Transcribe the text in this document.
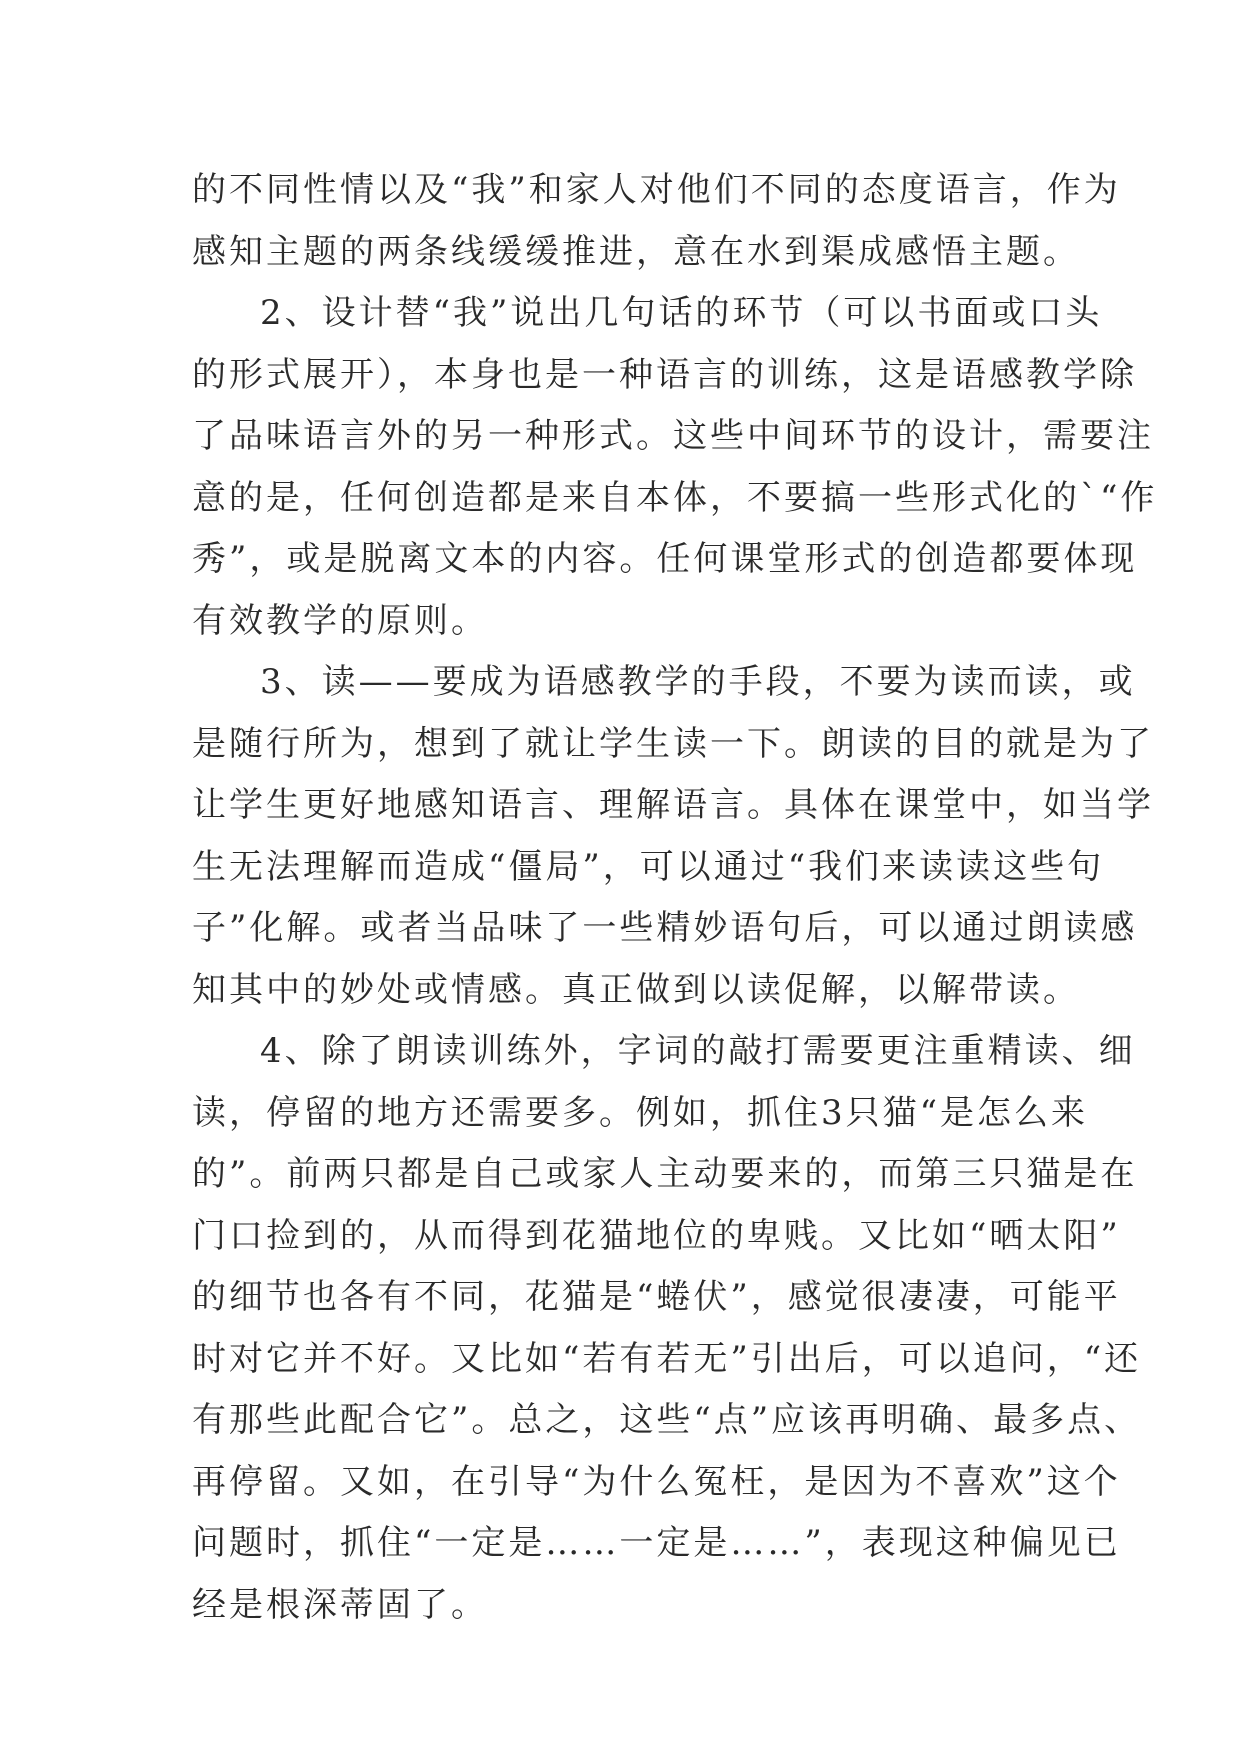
的不同性情以及“我”和家人对他们不同的态度语言，作为
感知主题的两条线缓缓推进，意在水到渠成感悟主题。
2、设计替“我”说出几句话的环节（可以书面或口头
的形式展开），本身也是一种语言的训练，这是语感教学除
了品味语言外的另一种形式。这些中间环节的设计，需要注
意的是，任何创造都是来自本体，不要搞一些形式化的`“作
秀”，或是脱离文本的内容。任何课堂形式的创造都要体现
有效教学的原则。
3、读——要成为语感教学的手段，不要为读而读，或
是随行所为，想到了就让学生读一下。朗读的目的就是为了
让学生更好地感知语言、理解语言。具体在课堂中，如当学
生无法理解而造成“僵局”，可以通过“我们来读读这些句
子”化解。或者当品味了一些精妙语句后，可以通过朗读感
知其中的妙处或情感。真正做到以读促解，以解带读。
4、除了朗读训练外，字词的敲打需要更注重精读、细
读，停留的地方还需要多。例如，抓住3只猫“是怎么来
的”。前两只都是自己或家人主动要来的，而第三只猫是在
门口捡到的，从而得到花猫地位的卑贱。又比如“晒太阳”
的细节也各有不同，花猫是“蜷伏”，感觉很凄凄，可能平
时对它并不好。又比如“若有若无”引出后，可以追问，“还
有那些此配合它”。总之，这些“点”应该再明确、最多点、
再停留。又如，在引导“为什么冤枉，是因为不喜欢”这个
问题时，抓住“一定是……一定是……”，表现这种偏见已
经是根深蒂固了。
